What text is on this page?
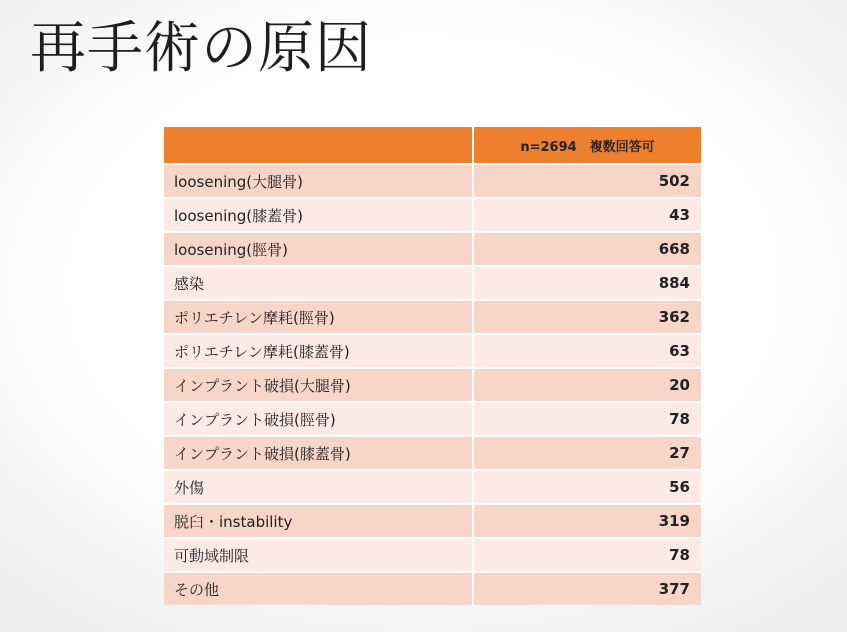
再手術の原因
	n=2694　複数回答可
loosening(大腿骨)	502
loosening(膝蓋骨)	43
loosening(脛骨)	668
感染	884
ポリエチレン摩耗(脛骨)	362
ポリエチレン摩耗(膝蓋骨)	63
インプラント破損(大腿骨)	20
インプラント破損(脛骨)	78
インプラント破損(膝蓋骨)	27
外傷	56
脱臼・instability	319
可動域制限	78
その他	377
